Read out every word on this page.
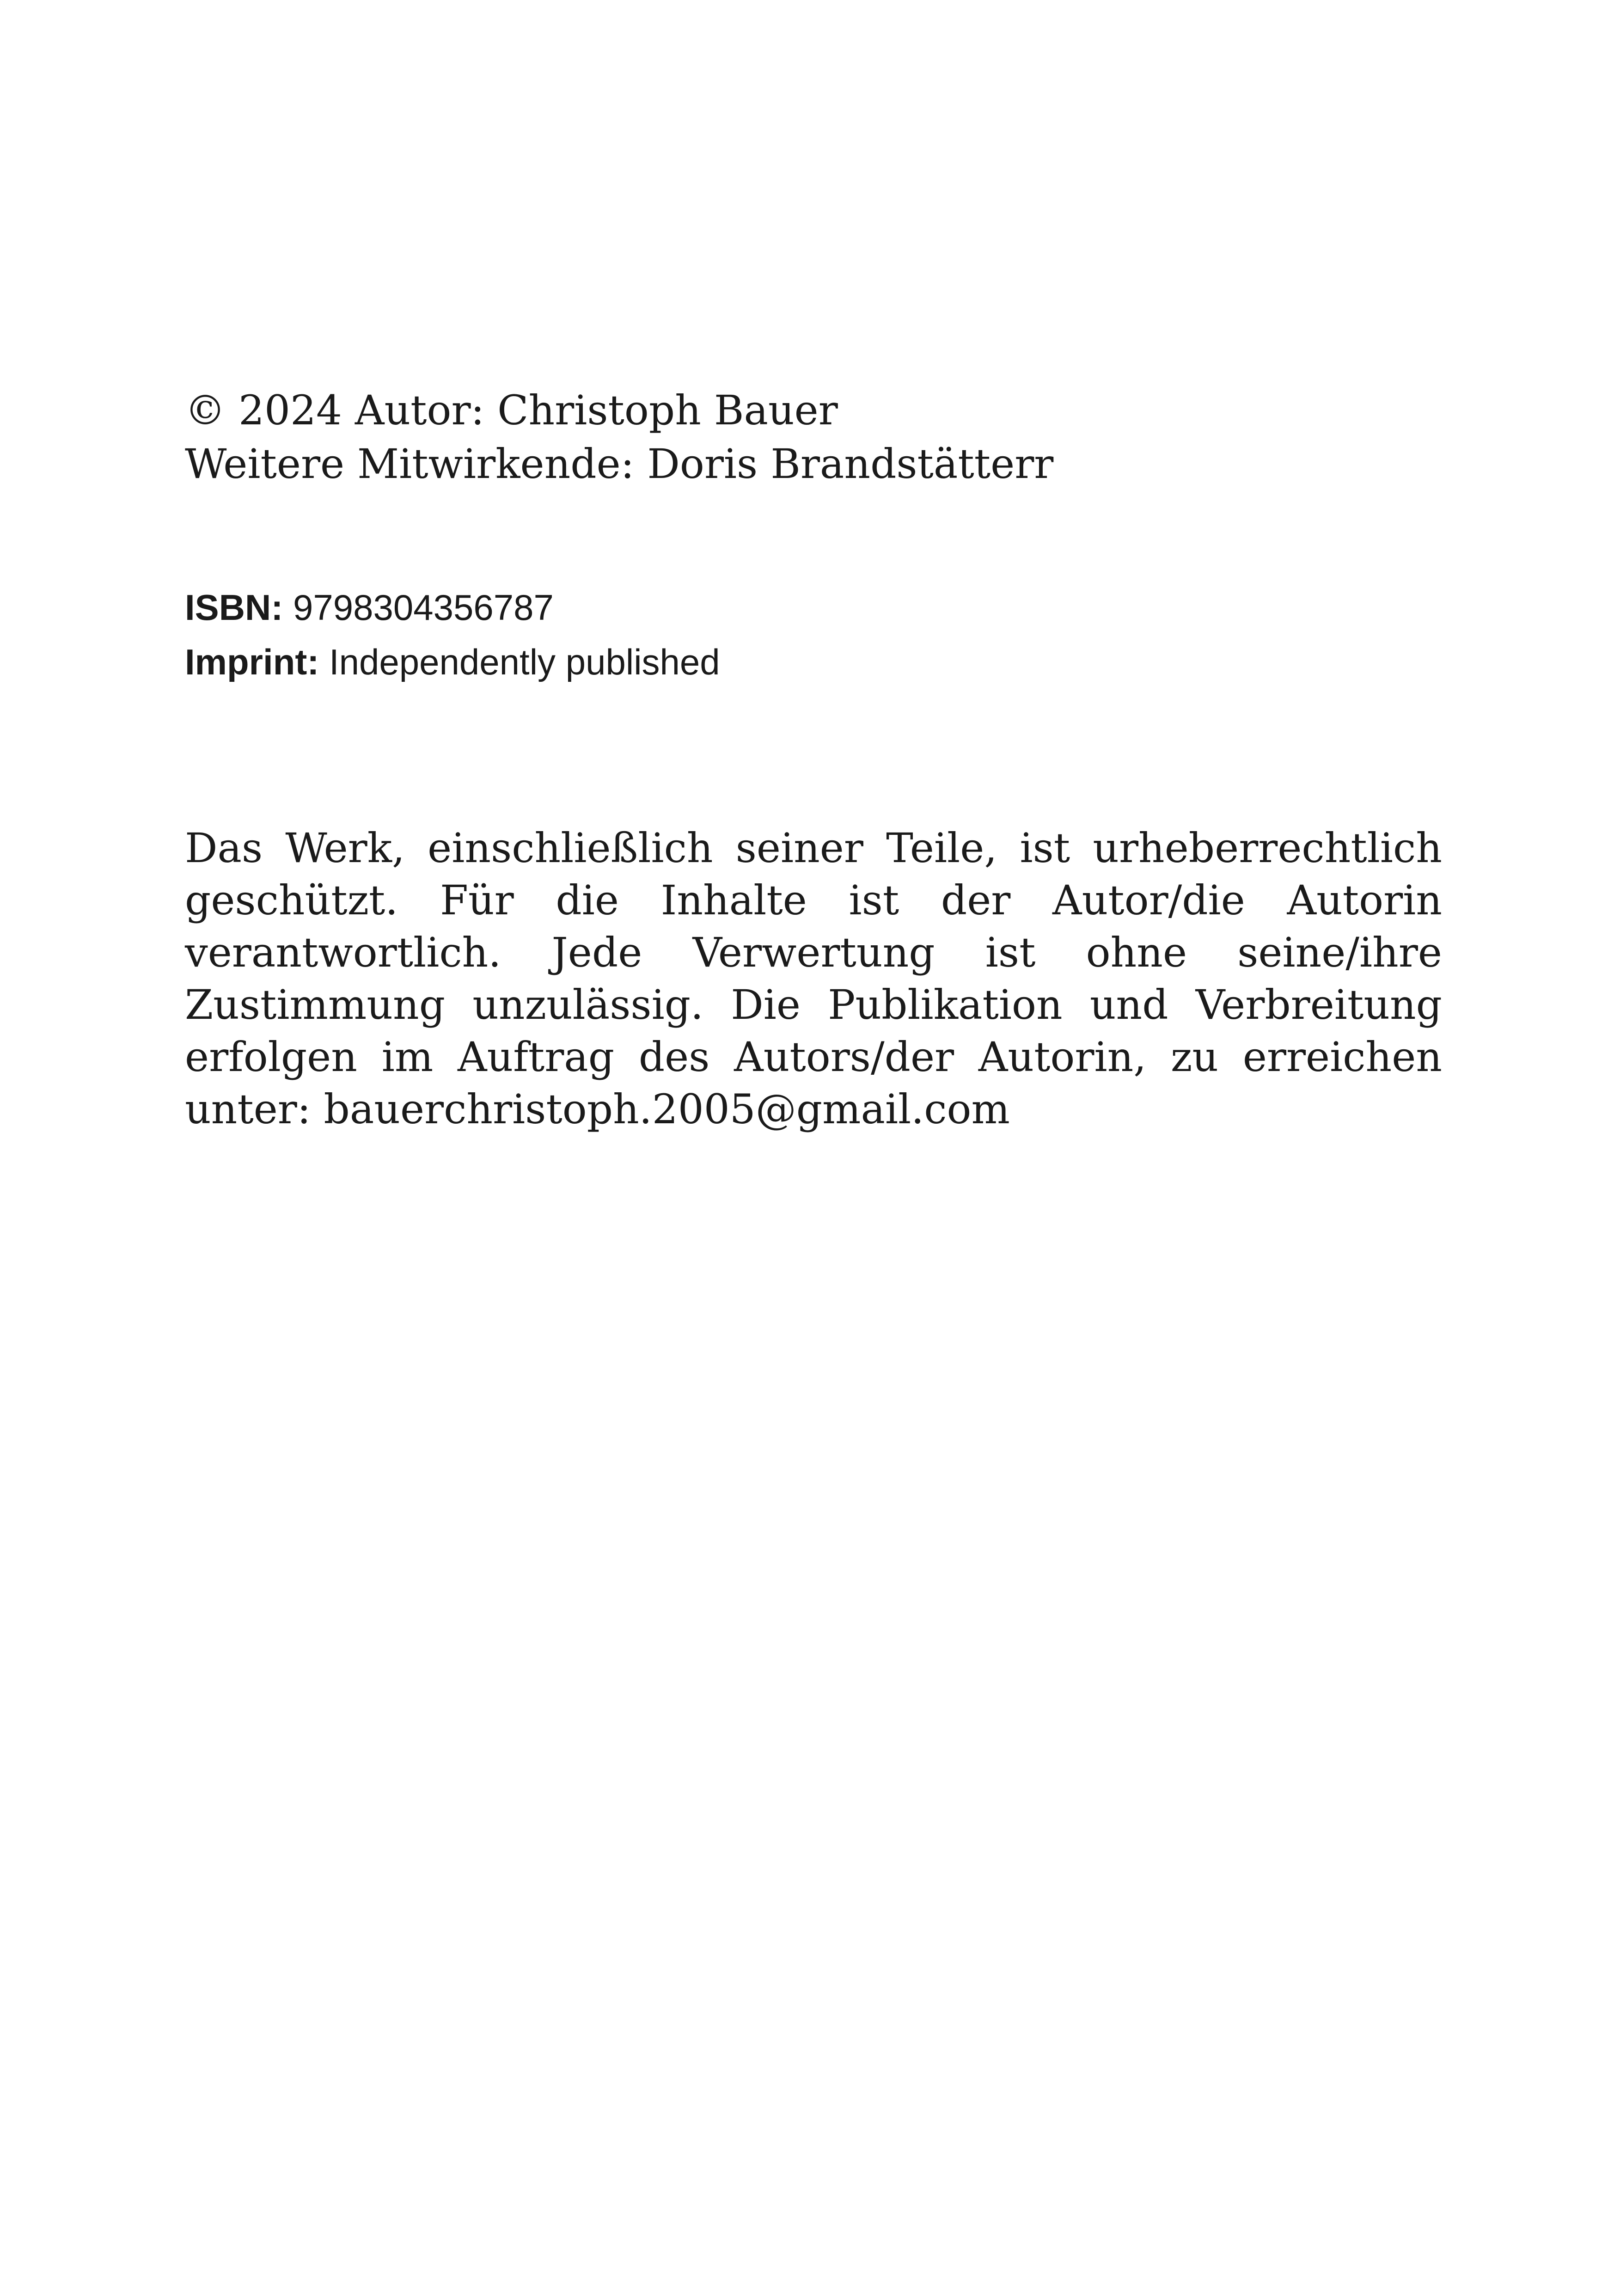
© 2024 Autor: Christoph Bauer
Weitere Mitwirkende: Doris Brandstätterr
ISBN: 9798304356787
Imprint: Independently published

Das Werk, einschließlich seiner Teile, ist urheberrechtlich geschützt. Für die Inhalte ist der Autor/die Autorin verantwortlich. Jede Verwertung ist ohne seine/ihre Zustimmung unzulässig. Die Publikation und Verbreitung erfolgen im Auftrag des Autors/der Autorin, zu erreichen unter: bauerchristoph.2005@gmail.com
